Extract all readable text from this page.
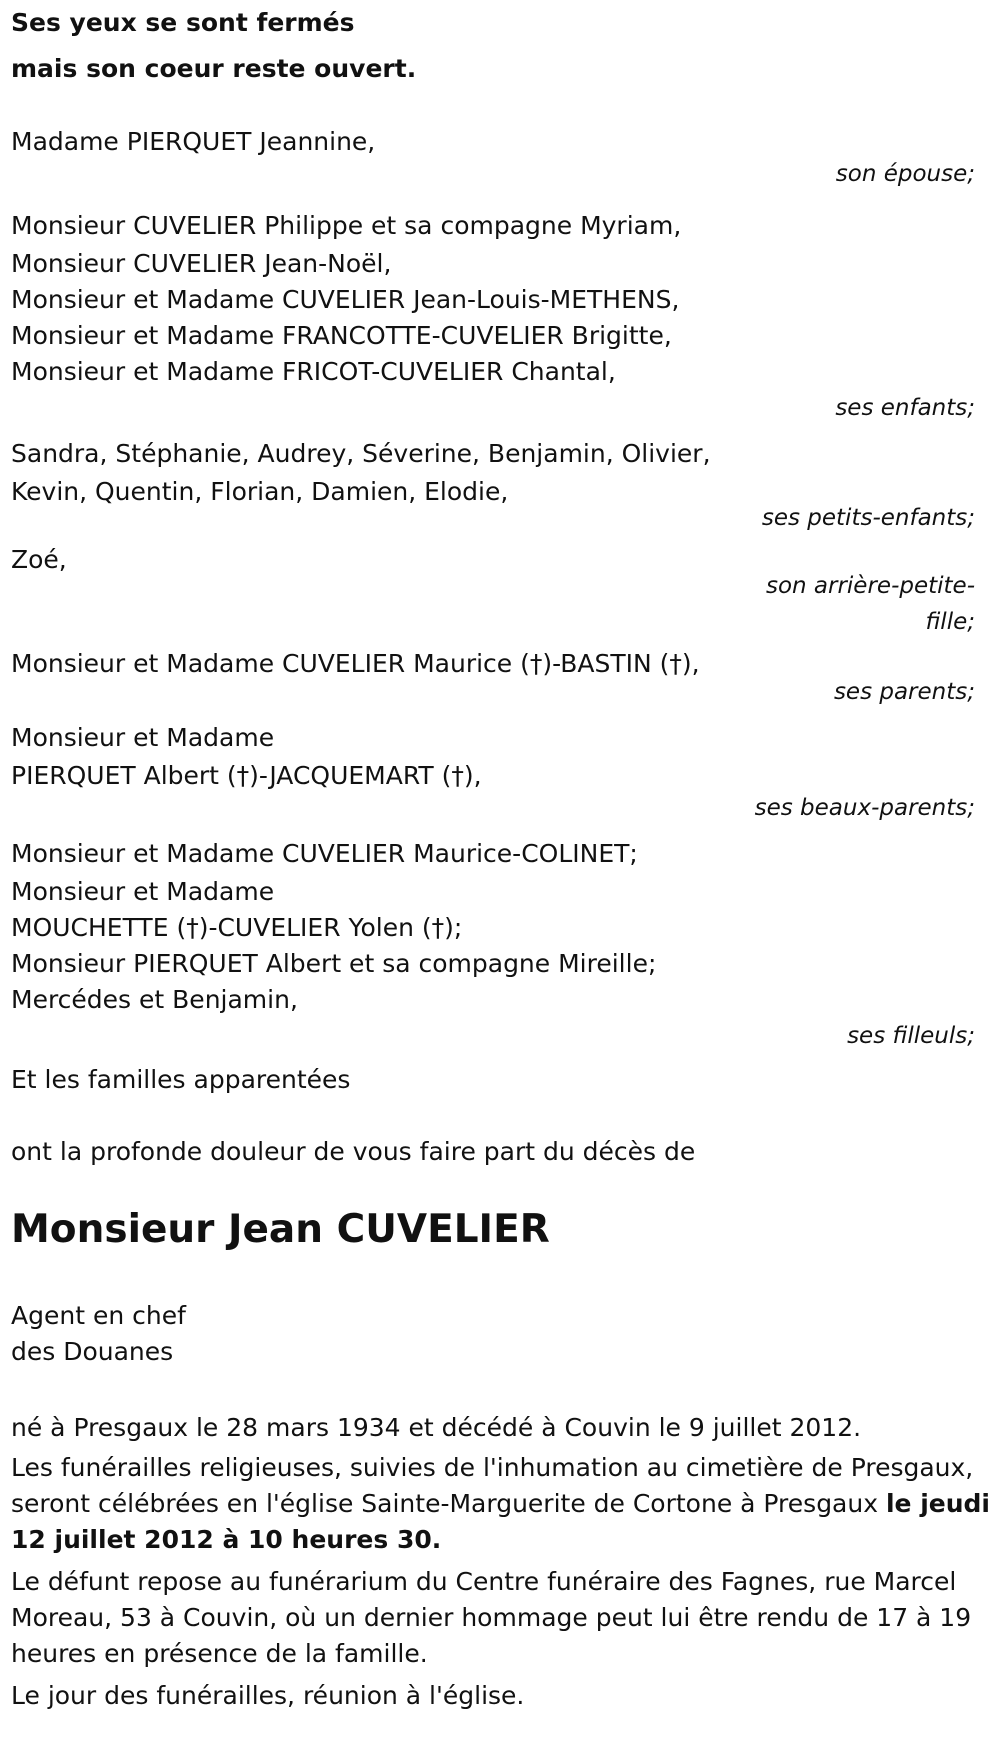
Ses yeux se sont fermés
mais son coeur reste ouvert.
Madame PIERQUET Jeannine,
son épouse;
Monsieur CUVELIER Philippe et sa compagne Myriam,
Monsieur CUVELIER Jean-Noël,
Monsieur et Madame CUVELIER Jean-Louis-METHENS,
Monsieur et Madame FRANCOTTE-CUVELIER Brigitte,
Monsieur et Madame FRICOT-CUVELIER Chantal,
ses enfants;
Sandra, Stéphanie, Audrey, Séverine, Benjamin, Olivier,
Kevin, Quentin, Florian, Damien, Elodie,
ses petits-enfants;
Zoé,
son arrière-petite-
fille;
Monsieur et Madame CUVELIER Maurice (†)-BASTIN (†),
ses parents;
Monsieur et Madame
PIERQUET Albert (†)-JACQUEMART (†),
ses beaux-parents;
Monsieur et Madame CUVELIER Maurice-COLINET;
Monsieur et Madame
MOUCHETTE (†)-CUVELIER Yolen (†);
Monsieur PIERQUET Albert et sa compagne Mireille;
Mercédes et Benjamin,
ses filleuls;
Et les familles apparentées
ont la profonde douleur de vous faire part du décès de
Monsieur Jean CUVELIER
Agent en chef
des Douanes
né à Presgaux le 28 mars 1934 et décédé à Couvin le 9 juillet 2012.
Les funérailles religieuses, suivies de l'inhumation au cimetière de Presgaux, seront célébrées en l'église Sainte-Marguerite de Cortone à Presgaux le jeudi 12 juillet 2012 à 10 heures 30.
Le défunt repose au funérarium du Centre funéraire des Fagnes, rue Marcel Moreau, 53 à Couvin, où un dernier hommage peut lui être rendu de 17 à 19 heures en présence de la famille.
Le jour des funérailles, réunion à l'église.
